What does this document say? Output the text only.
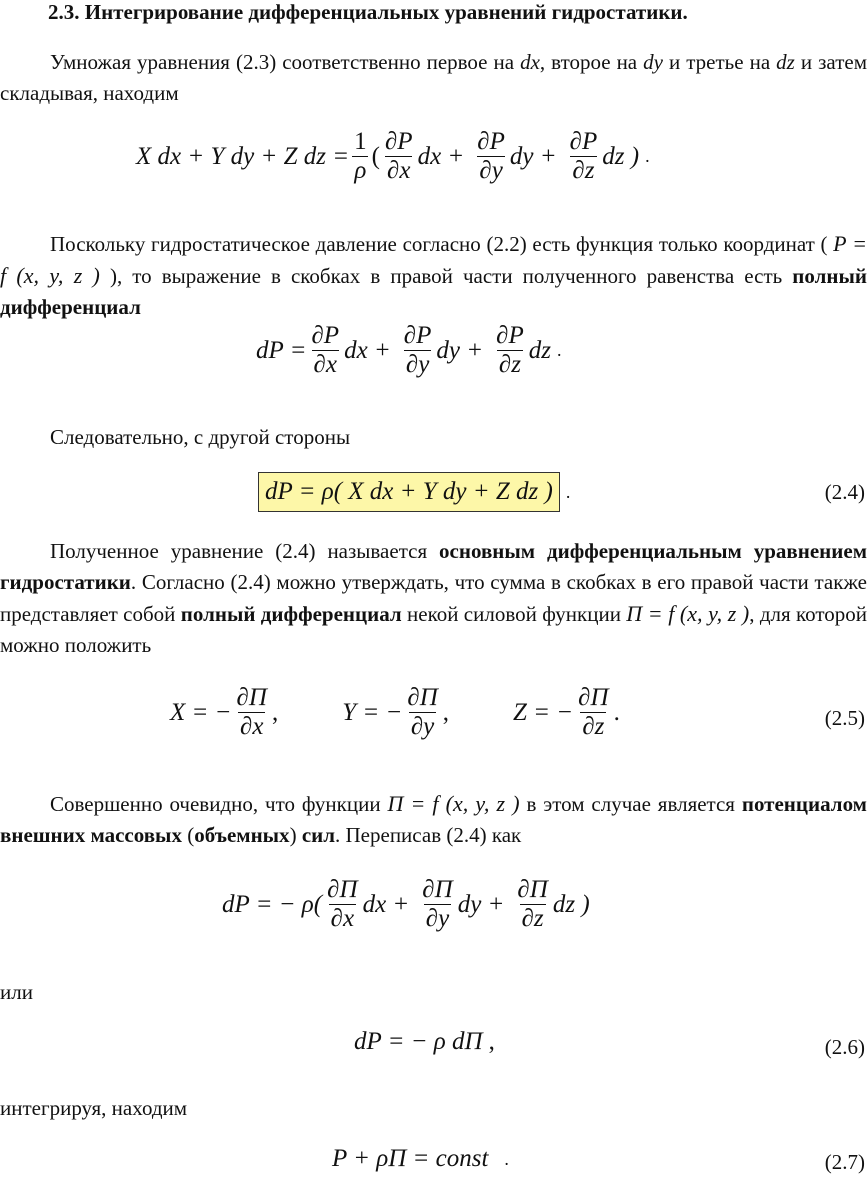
2.3. Интегрирование дифференциальных уравнений гидростатики.

Умножая уравнения (2.3) соответственно первое на dx, второе на dy и третье на dz и затем складывая, находим

X dx + Y dy + Z dz = $\frac{1}{\rho}$ ( $\frac{\partial P}{\partial x}$ dx + $\frac{\partial P}{\partial y}$ dy + $\frac{\partial P}{\partial z}$ dz ) .

Поскольку гидростатическое давление согласно (2.2) есть функция только координат ( P = f (x, y, z ) ), то выражение в скобках в правой части полученного равенства есть полный дифференциал

dP = $\frac{\partial P}{\partial x}$ dx + $\frac{\partial P}{\partial y}$ dy + $\frac{\partial P}{\partial z}$ dz .

Следовательно, с другой стороны

dP = ρ( X dx + Y dy + Z dz ) .	(2.4)

Полученное уравнение (2.4) называется основным дифференциальным уравнением гидростатики. Согласно (2.4) можно утверждать, что сумма в скобках в его правой части также представляет собой полный дифференциал некой силовой функции Π = f (x, y, z ), для которой можно положить

X = − $\frac{\partial\Pi}{\partial x}$ ,	Y = − $\frac{\partial\Pi}{\partial y}$ ,	Z = − $\frac{\partial\Pi}{\partial z}$ .	(2.5)

Совершенно очевидно, что функции Π = f (x, y, z ) в этом случае является потенциалом внешних массовых (объемных) сил. Переписав (2.4) как

dP = − $\rho( \frac{\partial\Pi}{\partial x}$ dx + $\frac{\partial\Pi}{\partial y}$ dy + $\frac{\partial\Pi}{\partial z}$ dz )

или

dP = − ρ dΠ ,	(2.6)

интегрируя, находим

P + ρΠ = const .	(2.7)
